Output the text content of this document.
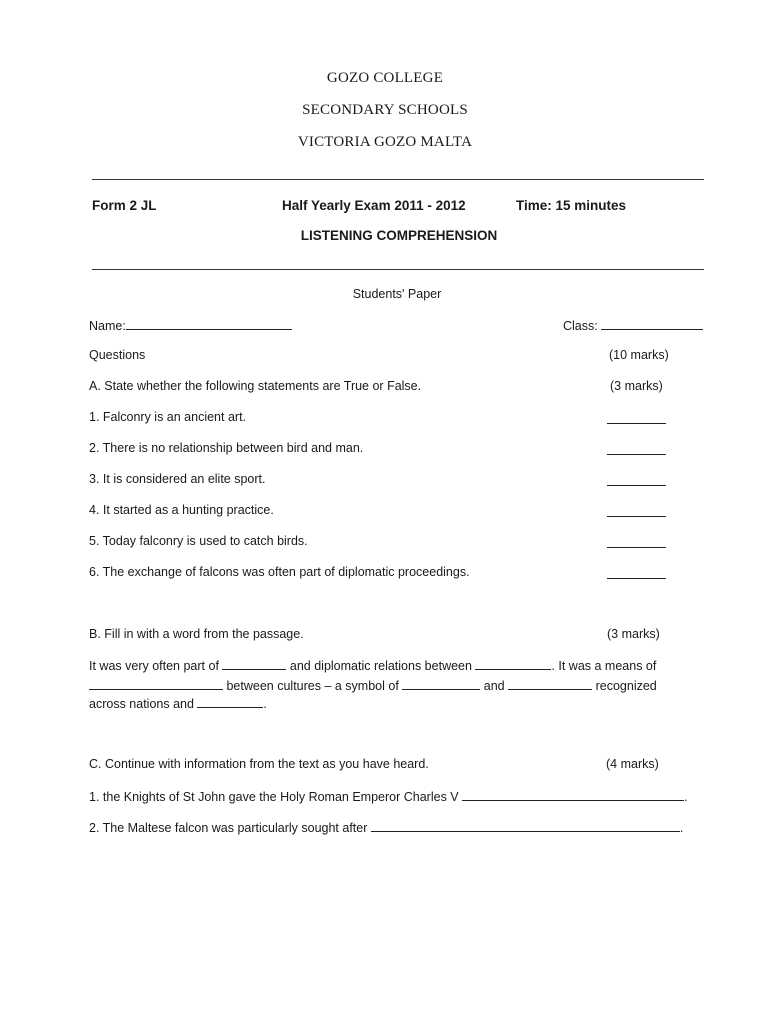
GOZO COLLEGE
SECONDARY SCHOOLS
VICTORIA GOZO MALTA
Form 2 JL	Half Yearly Exam 2011 - 2012	Time: 15 minutes
LISTENING COMPREHENSION
Students' Paper
Name:	Class:
Questions	(10 marks)
A. State whether the following statements are True or False.	(3 marks)
1. Falconry is an ancient art.
2. There is no relationship between bird and man.
3. It is considered an elite sport.
4. It started as a hunting practice.
5. Today falconry is used to catch birds.
6. The exchange of falcons was often part of diplomatic proceedings.
B. Fill in with a word from the passage.	(3 marks)
It was very often part of	and diplomatic relations between	. It was a means of
between cultures – a symbol of	and	recognized
across nations and	.
C. Continue with information from the text as you have heard.	(4 marks)
1. the Knights of St John gave the Holy Roman Emperor Charles V	.
2. The Maltese falcon was particularly sought after	.
